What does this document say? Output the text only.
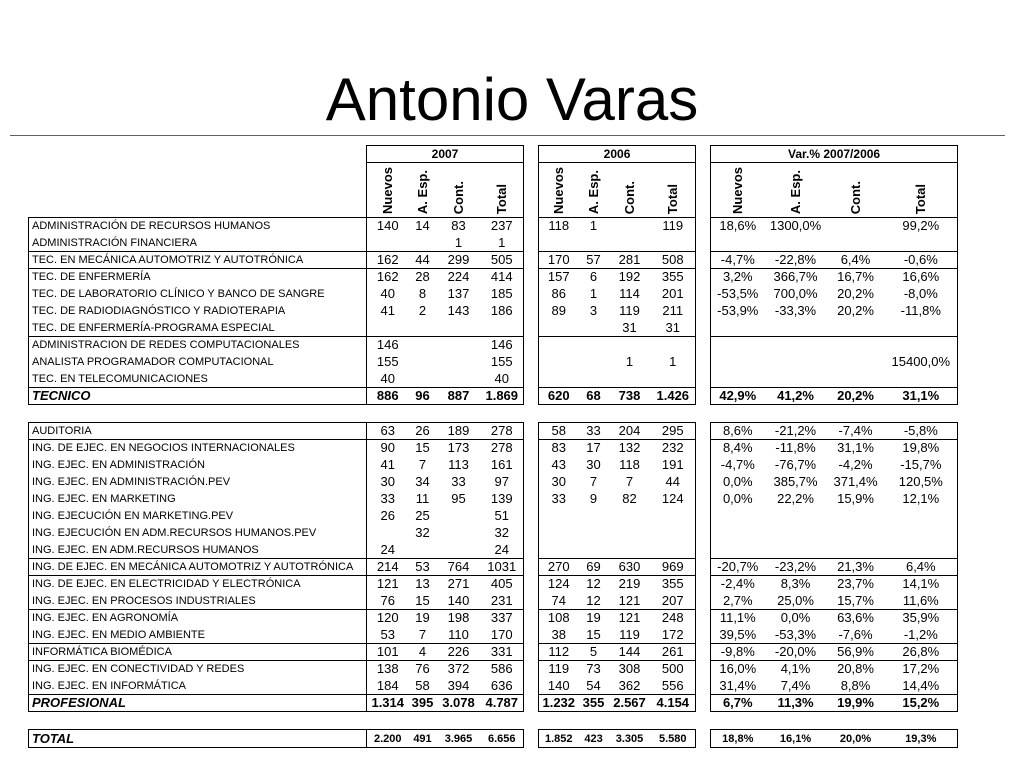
Antonio Varas
	2007					2006					Var.% 2007/2006			

	Nuevos	A. Esp.	Cont.	Total		Nuevos	A. Esp.	Cont.	Total		Nuevos	A. Esp.	Cont.	Total

ADMINISTRACIÓN DE RECURSOS HUMANOS	140	14	83	237		118	1		119		18,6%	1300,0%		99,2%
ADMINISTRACIÓN FINANCIERA			1	1										
TEC. EN MECÁNICA AUTOMOTRIZ Y AUTOTRÓNICA	162	44	299	505		170	57	281	508		-4,7%	-22,8%	6,4%	-0,6%
TEC. DE ENFERMERÍA	162	28	224	414		157	6	192	355		3,2%	366,7%	16,7%	16,6%
TEC. DE LABORATORIO CLÍNICO Y BANCO DE SANGRE	40	8	137	185		86	1	114	201		-53,5%	700,0%	20,2%	-8,0%
TEC. DE RADIODIAGNÓSTICO Y RADIOTERAPIA	41	2	143	186		89	3	119	211		-53,9%	-33,3%	20,2%	-11,8%
TEC. DE ENFERMERÍA-PROGRAMA ESPECIAL								31	31					
ADMINISTRACION DE REDES COMPUTACIONALES	146			146										
ANALISTA PROGRAMADOR COMPUTACIONAL	155			155				1	1					15400,0%
TEC. EN TELECOMUNICACIONES	40			40										
TECNICO	886	96	887	1.869		620	68	738	1.426		42,9%	41,2%	20,2%	31,1%

AUDITORIA	63	26	189	278		58	33	204	295		8,6%	-21,2%	-7,4%	-5,8%
ING. DE EJEC. EN NEGOCIOS INTERNACIONALES	90	15	173	278		83	17	132	232		8,4%	-11,8%	31,1%	19,8%
ING. EJEC. EN ADMINISTRACIÓN	41	7	113	161		43	30	118	191		-4,7%	-76,7%	-4,2%	-15,7%
ING. EJEC. EN ADMINISTRACIÓN.PEV	30	34	33	97		30	7	7	44		0,0%	385,7%	371,4%	120,5%
ING. EJEC. EN MARKETING	33	11	95	139		33	9	82	124		0,0%	22,2%	15,9%	12,1%
ING. EJECUCIÓN EN MARKETING.PEV	26	25		51										
ING. EJECUCIÓN EN ADM.RECURSOS HUMANOS.PEV		32		32										
ING. EJEC. EN ADM.RECURSOS HUMANOS	24			24										
ING. DE EJEC. EN MECÁNICA AUTOMOTRIZ Y AUTOTRÓNICA	214	53	764	1031		270	69	630	969		-20,7%	-23,2%	21,3%	6,4%
ING. DE EJEC. EN ELECTRICIDAD Y ELECTRÓNICA	121	13	271	405		124	12	219	355		-2,4%	8,3%	23,7%	14,1%
ING. EJEC. EN PROCESOS INDUSTRIALES	76	15	140	231		74	12	121	207		2,7%	25,0%	15,7%	11,6%
ING. EJEC. EN AGRONOMÍA	120	19	198	337		108	19	121	248		11,1%	0,0%	63,6%	35,9%
ING. EJEC. EN MEDIO AMBIENTE	53	7	110	170		38	15	119	172		39,5%	-53,3%	-7,6%	-1,2%
INFORMÁTICA BIOMÉDICA	101	4	226	331		112	5	144	261		-9,8%	-20,0%	56,9%	26,8%
ING. EJEC. EN CONECTIVIDAD Y REDES	138	76	372	586		119	73	308	500		16,0%	4,1%	20,8%	17,2%
ING. EJEC. EN INFORMÁTICA	184	58	394	636		140	54	362	556		31,4%	7,4%	8,8%	14,4%
PROFESIONAL	1.314	395	3.078	4.787		1.232	355	2.567	4.154		6,7%	11,3%	19,9%	15,2%

TOTAL	2.200	491	3.965	6.656		1.852	423	3.305	5.580		18,8%	16,1%	20,0%	19,3%
